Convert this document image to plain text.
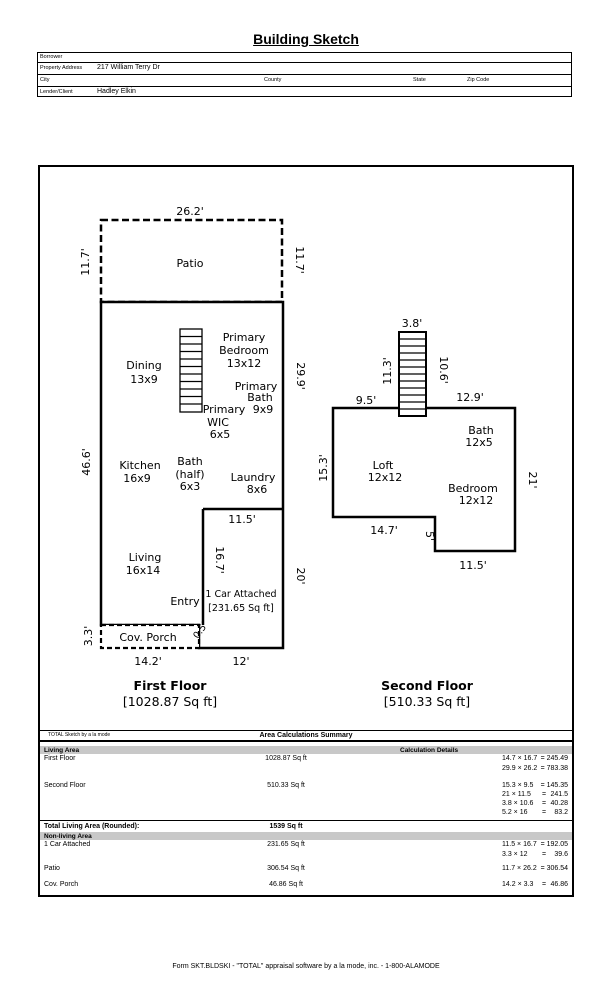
Building Sketch
Borrower
Property Address 217 William Terry Dr
City	County	State	Zip Code
Lender/Client	Hadley Elkin
TOTAL Sketch by a la mode	Area Calculations Summary
26.2'
11.7'	11.7'
Patio
Dining
13x9
Primary
Bedroom
13x12
Primary
Bath
9x9
Primary
WIC
6x5
29.9'
46.6' Kitchen
16x9
Bath
(half)
6x3
Laundry
8x6
11.5'
16.7'
20'
Living
16x14
Entry
1 Car Attached
[231.65 Sq ft]
0.5'
Cov. Porch
3.3'
14.2'	12'
First Floor
[1028.87 Sq ft]
3.8'
11.3'	10.6'
9.5'	12.9'
Bath
12x5
15.3'	Loft
12x12
Bedroom
12x12
21'
14.7' 5'
11.5'
Second Floor
[510.33 Sq ft]
Living Area	Calculation Details
First Floor	1028.87 Sq ft	14.7 × 16.7 = 245.49
29.9 × 26.2 = 783.38
Second Floor	510.33 Sq ft	15.3 × 9.5	= 145.35
21 × 11.5	= 241.5
3.8 × 10.6	= 40.28
5.2 × 16	=	83.2
Total Living Area (Rounded):	1539 Sq ft
Non-living Area
1 Car Attached	231.65 Sq ft	11.5 × 16.7 = 192.05
3.3 × 12	=	39.6
Patio	306.54 Sq ft	11.7 × 26.2 = 306.54
Cov. Porch	46.86 Sq ft	14.2 × 3.3	= 46.86
Form SKT.BLDSKI - "TOTAL" appraisal software by a la mode, inc. - 1-800-ALAMODE
